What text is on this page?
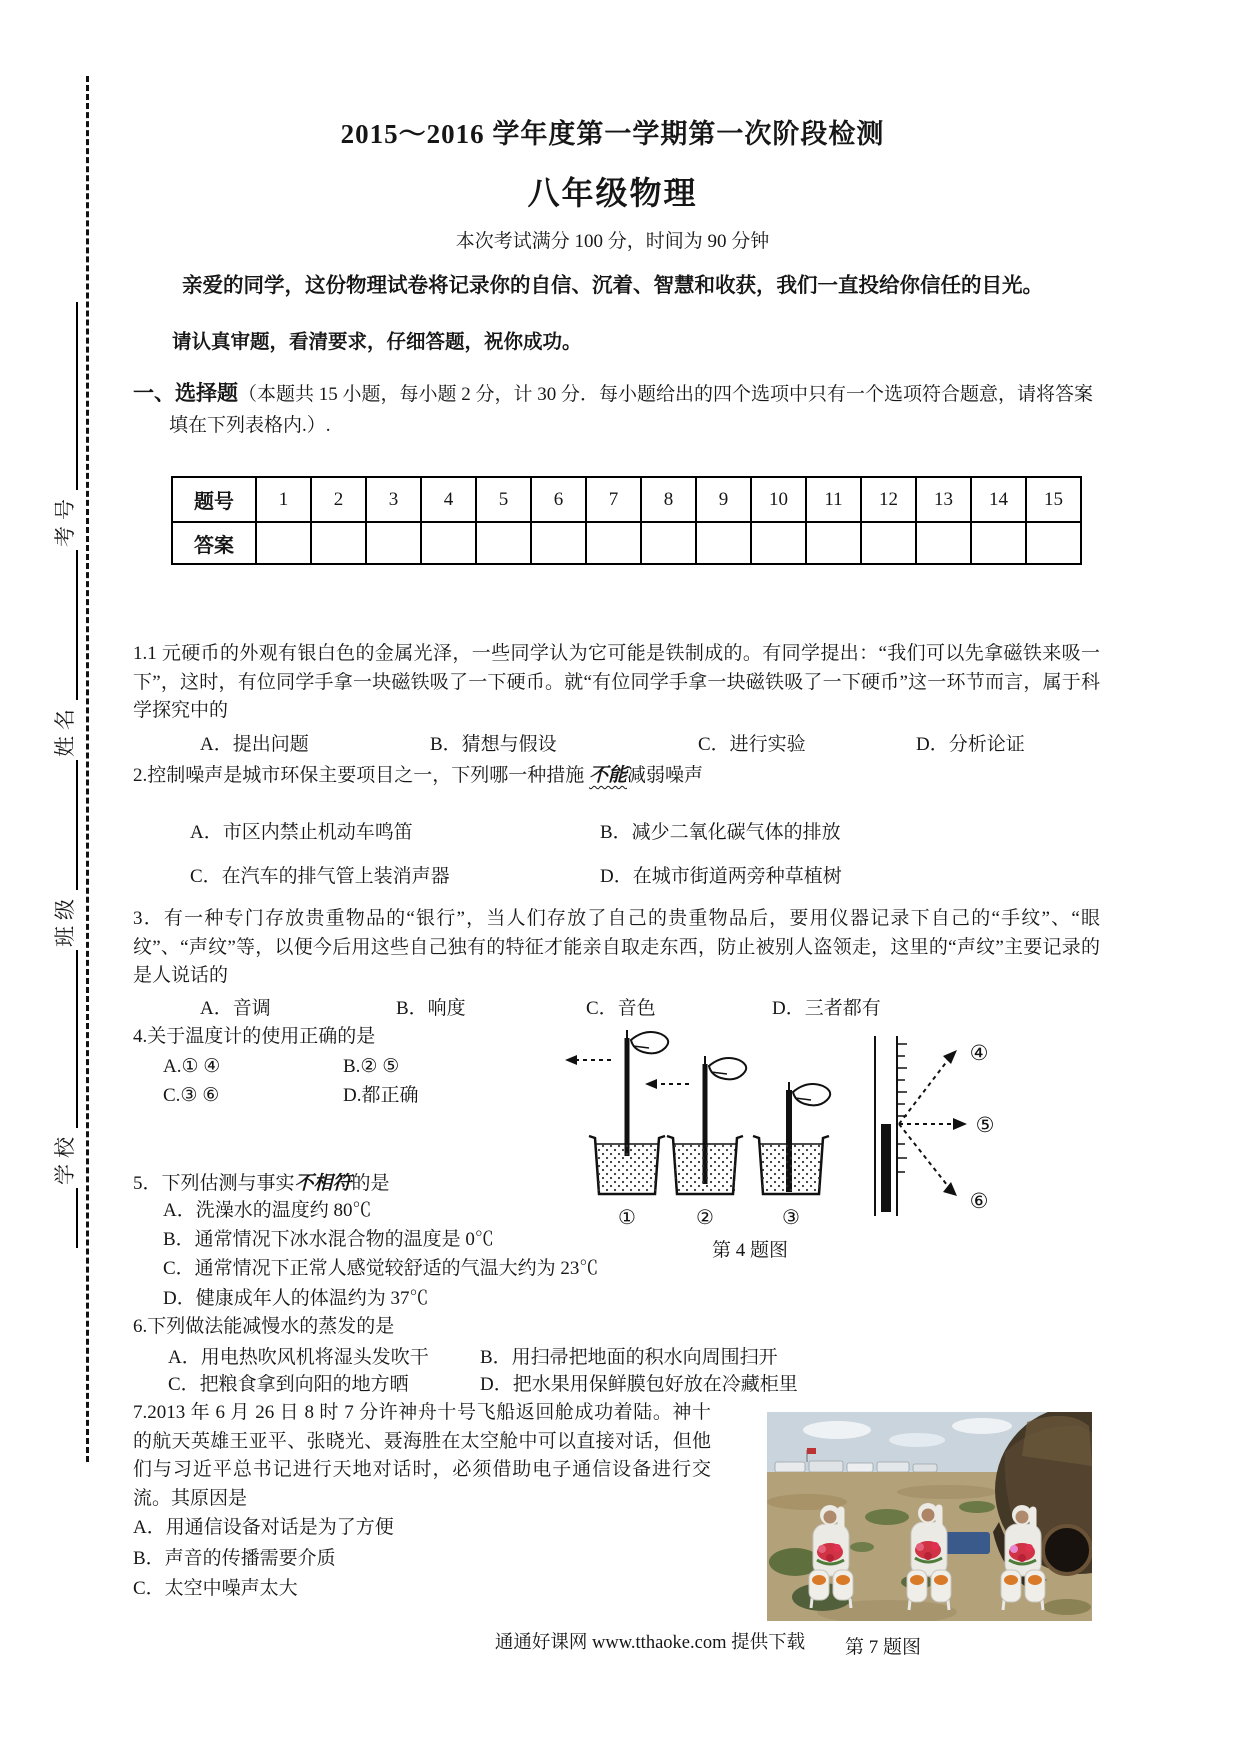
学校
班级
姓名
考号
2015～2016 学年度第一学期第一次阶段检测
八年级物理
本次考试满分 100 分，时间为 90 分钟
亲爱的同学，这份物理试卷将记录你的自信、沉着、智慧和收获，我们一直投给你信任的目光。
请认真审题，看清要求，仔细答题，祝你成功。
一、选择题（本题共 15 小题，每小题 2 分，计 30 分．每小题给出的四个选项中只有一个选项符合题意，请将答案填在下列表格内.）.
题号	1	2	3	4	5	6	7	8	9	10	11	12	13	14	15
答案															
1.1 元硬币的外观有银白色的金属光泽，一些同学认为它可能是铁制成的。有同学提出：“我们可以先拿磁铁来吸一下”，这时，有位同学手拿一块磁铁吸了一下硬币。就“有位同学手拿一块磁铁吸了一下硬币”这一环节而言，属于科学探究中的
A．提出问题	B．猜想与假设	C．进行实验	D．分析论证
2.控制噪声是城市环保主要项目之一，下列哪一种措施 不能减弱噪声
A．市区内禁止机动车鸣笛	B．减少二氧化碳气体的排放
C．在汽车的排气管上装消声器	D．在城市街道两旁种草植树
3．有一种专门存放贵重物品的“银行”，当人们存放了自己的贵重物品后，要用仪器记录下自己的“手纹”、“眼纹”、“声纹”等，以便今后用这些自己独有的特征才能亲自取走东西，防止被别人盗领走，这里的“声纹”主要记录的是人说话的
A．音调	B．响度	C．音色	D．三者都有
4.关于温度计的使用正确的是
A.① ④	B.② ⑤
C.③ ⑥	D.都正确
①	②	③
④
⑤
⑥
第 4 题图
5．下列估测与事实不相符的是
A．洗澡水的温度约 80℃
B．通常情况下冰水混合物的温度是 0℃
C．通常情况下正常人感觉较舒适的气温大约为 23℃
D．健康成年人的体温约为 37℃
6.下列做法能减慢水的蒸发的是
A．用电热吹风机将湿头发吹干	B．用扫帚把地面的积水向周围扫开
C．把粮食拿到向阳的地方晒	D．把水果用保鲜膜包好放在冷藏柜里
7.2013 年 6 月 26 日 8 时 7 分许神舟十号飞船返回舱成功着陆。神十的航天英雄王亚平、张晓光、聂海胜在太空舱中可以直接对话，但他们与习近平总书记进行天地对话时，必须借助电子通信设备进行交流。其原因是
A．用通信设备对话是为了方便
B．声音的传播需要介质
C．太空中噪声太大
第 7 题图
通通好课网 www.tthaoke.com 提供下载
